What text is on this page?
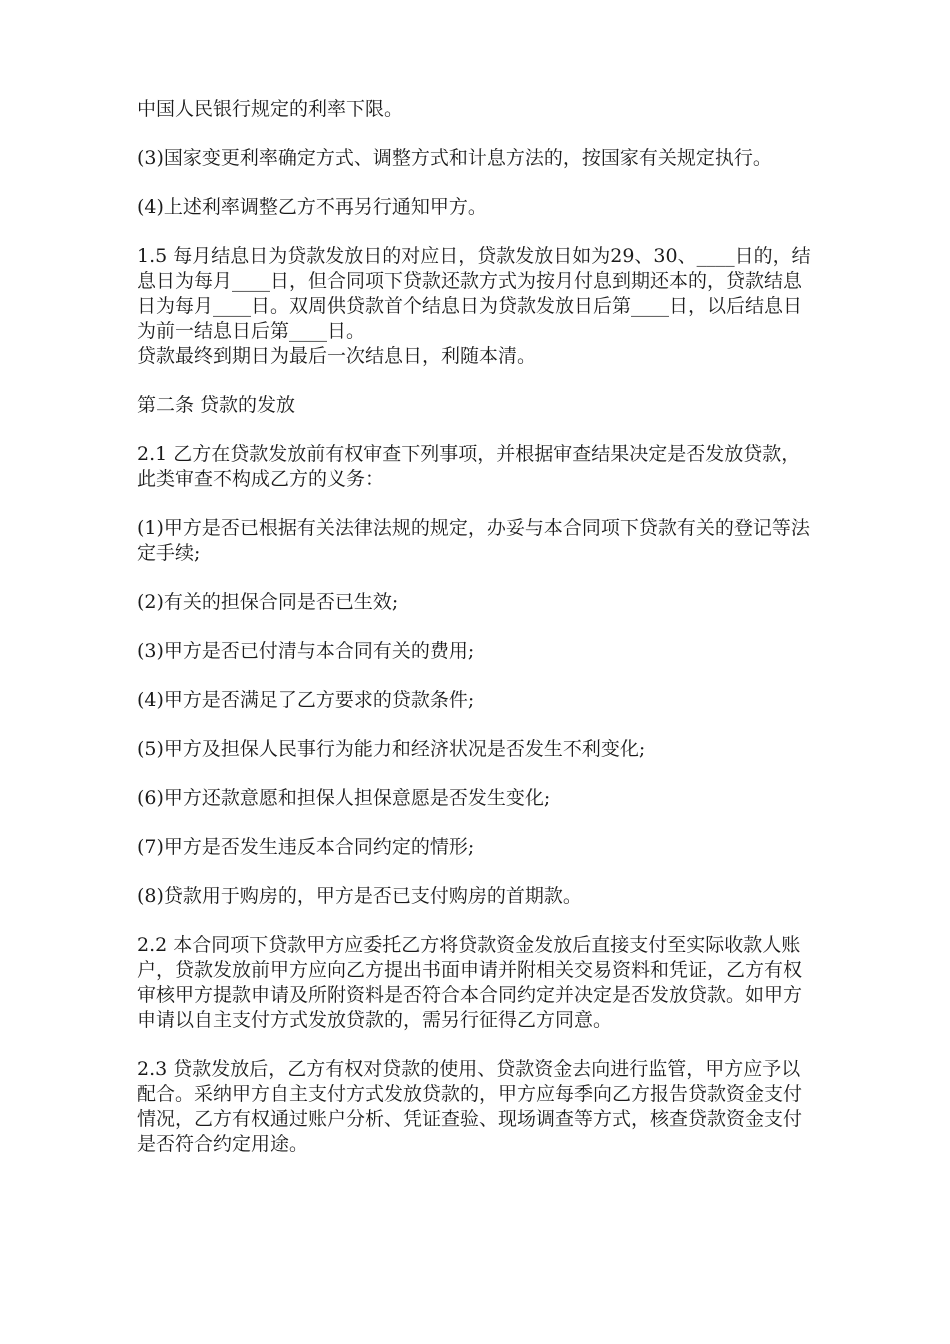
中国人民银行规定的利率下限。

(3)国家变更利率确定方式、调整方式和计息方法的，按国家有关规定执行。

(4)上述利率调整乙方不再另行通知甲方。

1.5 每月结息日为贷款发放日的对应日，贷款发放日如为29、30、____日的，结息日为每月____日，但合同项下贷款还款方式为按月付息到期还本的，贷款结息日为每月____日。双周供贷款首个结息日为贷款发放日后第____日，以后结息日为前一结息日后第____日。

贷款最终到期日为最后一次结息日，利随本清。

第二条 贷款的发放

2.1 乙方在贷款发放前有权审查下列事项，并根据审查结果决定是否发放贷款，此类审查不构成乙方的义务：

(1)甲方是否已根据有关法律法规的规定，办妥与本合同项下贷款有关的登记等法定手续;

(2)有关的担保合同是否已生效;

(3)甲方是否已付清与本合同有关的费用;

(4)甲方是否满足了乙方要求的贷款条件;

(5)甲方及担保人民事行为能力和经济状况是否发生不利变化;

(6)甲方还款意愿和担保人担保意愿是否发生变化;

(7)甲方是否发生违反本合同约定的情形;

(8)贷款用于购房的，甲方是否已支付购房的首期款。

2.2 本合同项下贷款甲方应委托乙方将贷款资金发放后直接支付至实际收款人账户，贷款发放前甲方应向乙方提出书面申请并附相关交易资料和凭证，乙方有权审核甲方提款申请及所附资料是否符合本合同约定并决定是否发放贷款。如甲方申请以自主支付方式发放贷款的，需另行征得乙方同意。

2.3 贷款发放后，乙方有权对贷款的使用、贷款资金去向进行监管，甲方应予以配合。采纳甲方自主支付方式发放贷款的，甲方应每季向乙方报告贷款资金支付情况，乙方有权通过账户分析、凭证查验、现场调查等方式，核查贷款资金支付是否符合约定用途。
